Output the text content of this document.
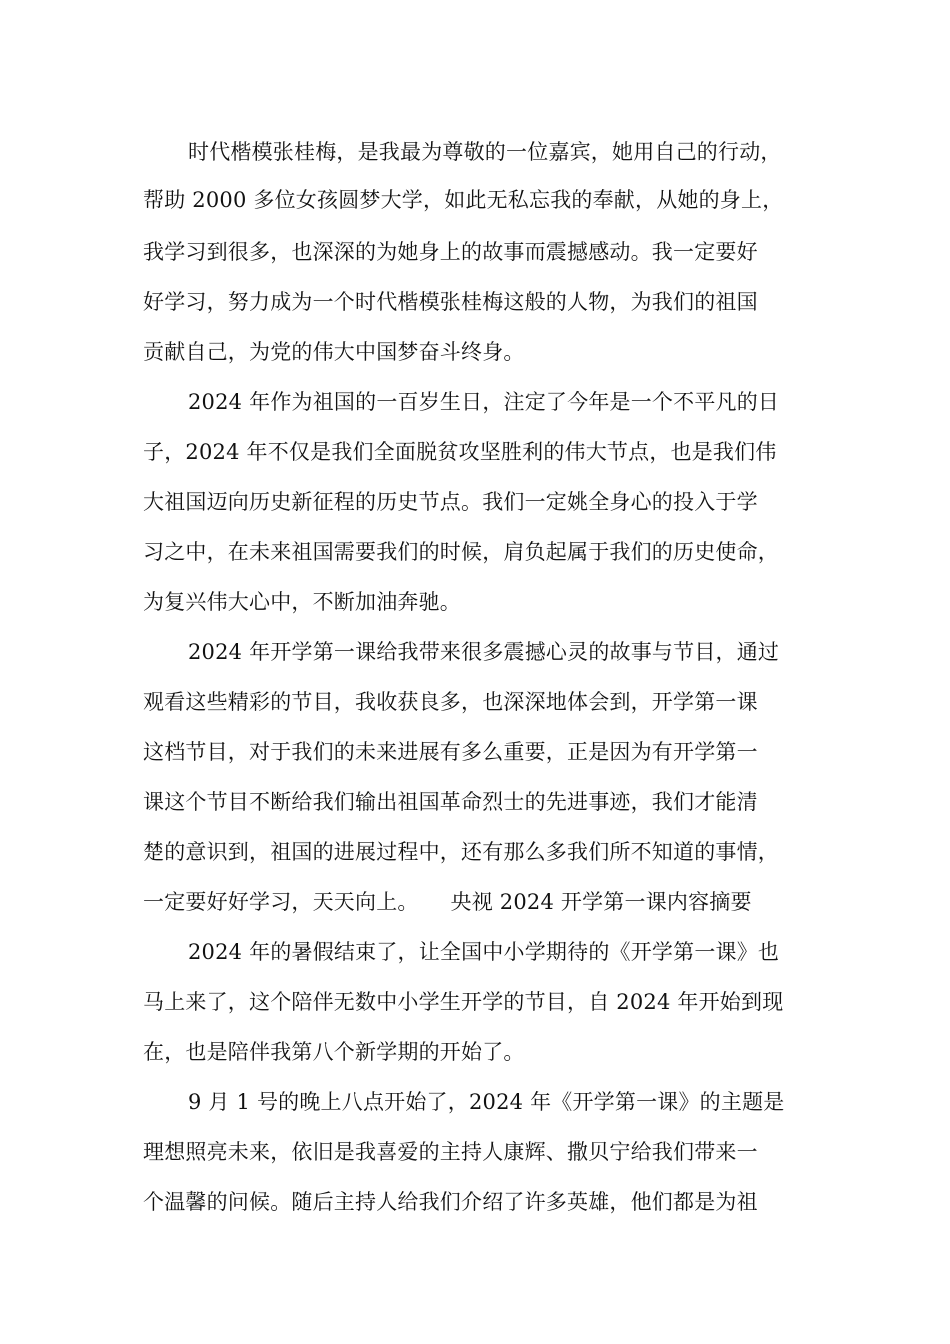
时代楷模张桂梅，是我最为尊敬的一位嘉宾，她用自己的行动，
帮助 2000 多位女孩圆梦大学，如此无私忘我的奉献，从她的身上，
我学习到很多，也深深的为她身上的故事而震撼感动。我一定要好
好学习，努力成为一个时代楷模张桂梅这般的人物，为我们的祖国
贡献自己，为党的伟大中国梦奋斗终身。
2024 年作为祖国的一百岁生日，注定了今年是一个不平凡的日
子，2024 年不仅是我们全面脱贫攻坚胜利的伟大节点，也是我们伟
大祖国迈向历史新征程的历史节点。我们一定姚全身心的投入于学
习之中，在未来祖国需要我们的时候，肩负起属于我们的历史使命，
为复兴伟大心中，不断加油奔驰。
2024 年开学第一课给我带来很多震撼心灵的故事与节目，通过
观看这些精彩的节目，我收获良多，也深深地体会到，开学第一课
这档节目，对于我们的未来进展有多么重要，正是因为有开学第一
课这个节目不断给我们输出祖国革命烈士的先进事迹，我们才能清
楚的意识到，祖国的进展过程中，还有那么多我们所不知道的事情，
一定要好好学习，天天向上。　　央视 2024 开学第一课内容摘要
2024 年的暑假结束了，让全国中小学期待的《开学第一课》也
马上来了，这个陪伴无数中小学生开学的节目，自 2024 年开始到现
在，也是陪伴我第八个新学期的开始了。
9 月 1 号的晚上八点开始了，2024 年《开学第一课》的主题是
理想照亮未来，依旧是我喜爱的主持人康辉、撒贝宁给我们带来一
个温馨的问候。随后主持人给我们介绍了许多英雄，他们都是为祖
